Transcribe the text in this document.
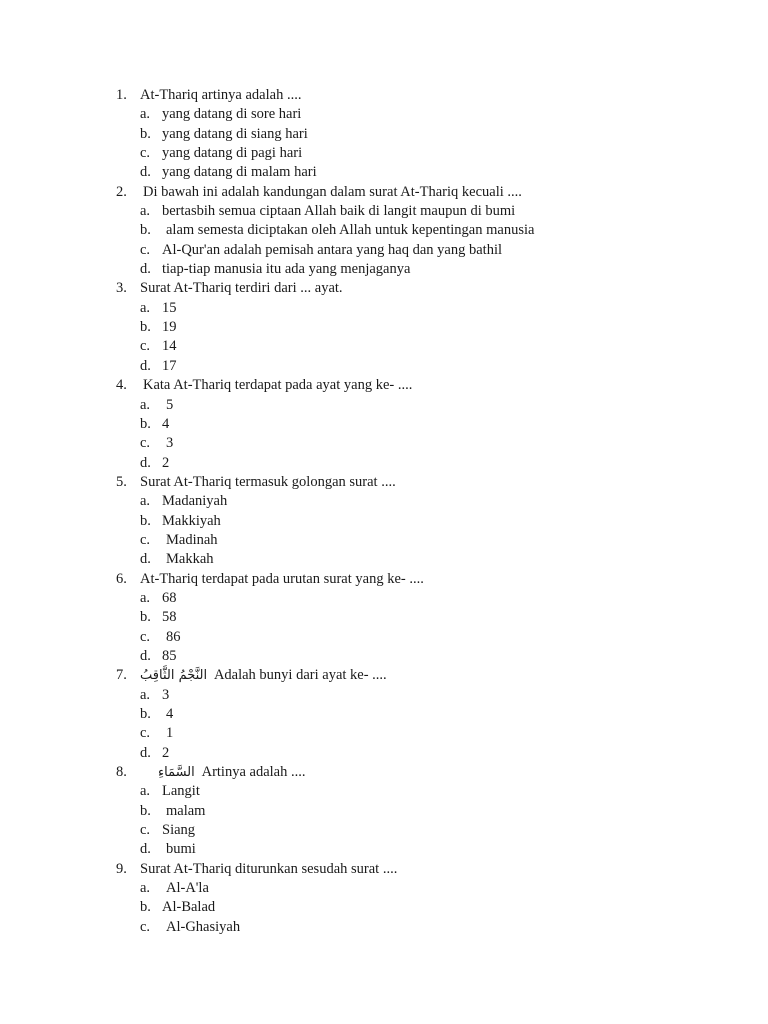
1. At-Thariq artinya adalah ....
a. yang datang di sore hari
b. yang datang di siang hari
c. yang datang di pagi hari
d. yang datang di malam hari
2. Di bawah ini adalah kandungan dalam surat At-Thariq kecuali ....
a. bertasbih semua ciptaan Allah baik di langit maupun di bumi
b. alam semesta diciptakan oleh Allah untuk kepentingan manusia
c. Al-Qur'an adalah pemisah antara yang haq dan yang bathil
d. tiap-tiap manusia itu ada yang menjaganya
3. Surat At-Thariq terdiri dari ... ayat.
a. 15
b. 19
c. 14
d. 17
4. Kata At-Thariq terdapat pada ayat yang ke- ....
a. 5
b. 4
c. 3
d. 2
5. Surat At-Thariq termasuk golongan surat ....
a. Madaniyah
b. Makkiyah
c. Madinah
d. Makkah
6. At-Thariq terdapat pada urutan surat yang ke- ....
a. 68
b. 58
c. 86
d. 85
7. النَّجْمُ الثَّاقِبُ Adalah bunyi dari ayat ke- ....
a. 3
b. 4
c. 1
d. 2
8. السَّمَاءِ Artinya adalah ....
a. Langit
b. malam
c. Siang
d. bumi
9. Surat At-Thariq diturunkan sesudah surat ....
a. Al-A'la
b. Al-Balad
c. Al-Ghasiyah
